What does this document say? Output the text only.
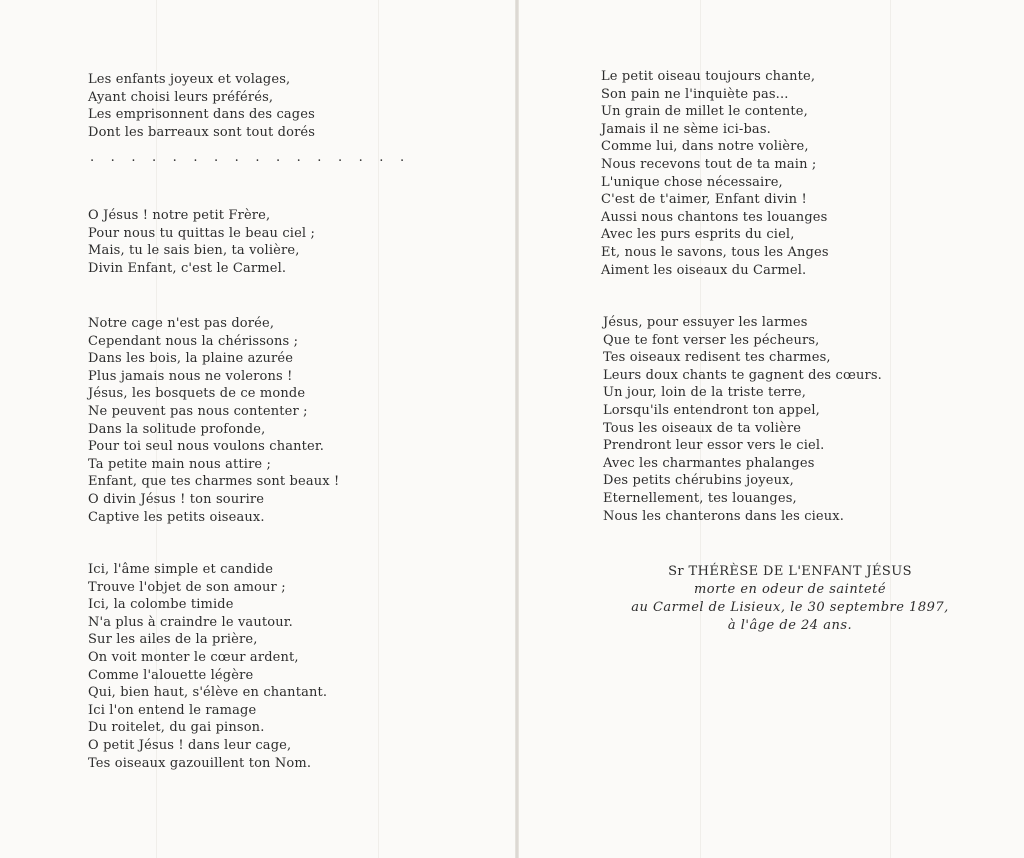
Les enfants joyeux et volages,
Ayant choisi leurs préférés,
Les emprisonnent dans des cages
Dont les barreaux sont tout dorés
. . . . . . . . . . . . . . . .
O Jésus ! notre petit Frère,
Pour nous tu quittas le beau ciel ;
Mais, tu le sais bien, ta volière,
Divin Enfant, c'est le Carmel.
Notre cage n'est pas dorée,
Cependant nous la chérissons ;
Dans les bois, la plaine azurée
Plus jamais nous ne volerons !
Jésus, les bosquets de ce monde
Ne peuvent pas nous contenter ;
Dans la solitude profonde,
Pour toi seul nous voulons chanter.
Ta petite main nous attire ;
Enfant, que tes charmes sont beaux !
O divin Jésus ! ton sourire
Captive les petits oiseaux.
Ici, l'âme simple et candide
Trouve l'objet de son amour ;
Ici, la colombe timide
N'a plus à craindre le vautour.
Sur les ailes de la prière,
On voit monter le cœur ardent,
Comme l'alouette légère
Qui, bien haut, s'élève en chantant.
Ici l'on entend le ramage
Du roitelet, du gai pinson.
O petit Jésus ! dans leur cage,
Tes oiseaux gazouillent ton Nom.
Le petit oiseau toujours chante,
Son pain ne l'inquiète pas...
Un grain de millet le contente,
Jamais il ne sème ici-bas.
Comme lui, dans notre volière,
Nous recevons tout de ta main ;
L'unique chose nécessaire,
C'est de t'aimer, Enfant divin !
Aussi nous chantons tes louanges
Avec les purs esprits du ciel,
Et, nous le savons, tous les Anges
Aiment les oiseaux du Carmel.
Jésus, pour essuyer les larmes
Que te font verser les pécheurs,
Tes oiseaux redisent tes charmes,
Leurs doux chants te gagnent des cœurs.
Un jour, loin de la triste terre,
Lorsqu'ils entendront ton appel,
Tous les oiseaux de ta volière
Prendront leur essor vers le ciel.
Avec les charmantes phalanges
Des petits chérubins joyeux,
Eternellement, tes louanges,
Nous les chanterons dans les cieux.
Sr THÉRÈSE DE L'ENFANT JÉSUS
morte en odeur de sainteté
au Carmel de Lisieux, le 30 septembre 1897,
à l'âge de 24 ans.
